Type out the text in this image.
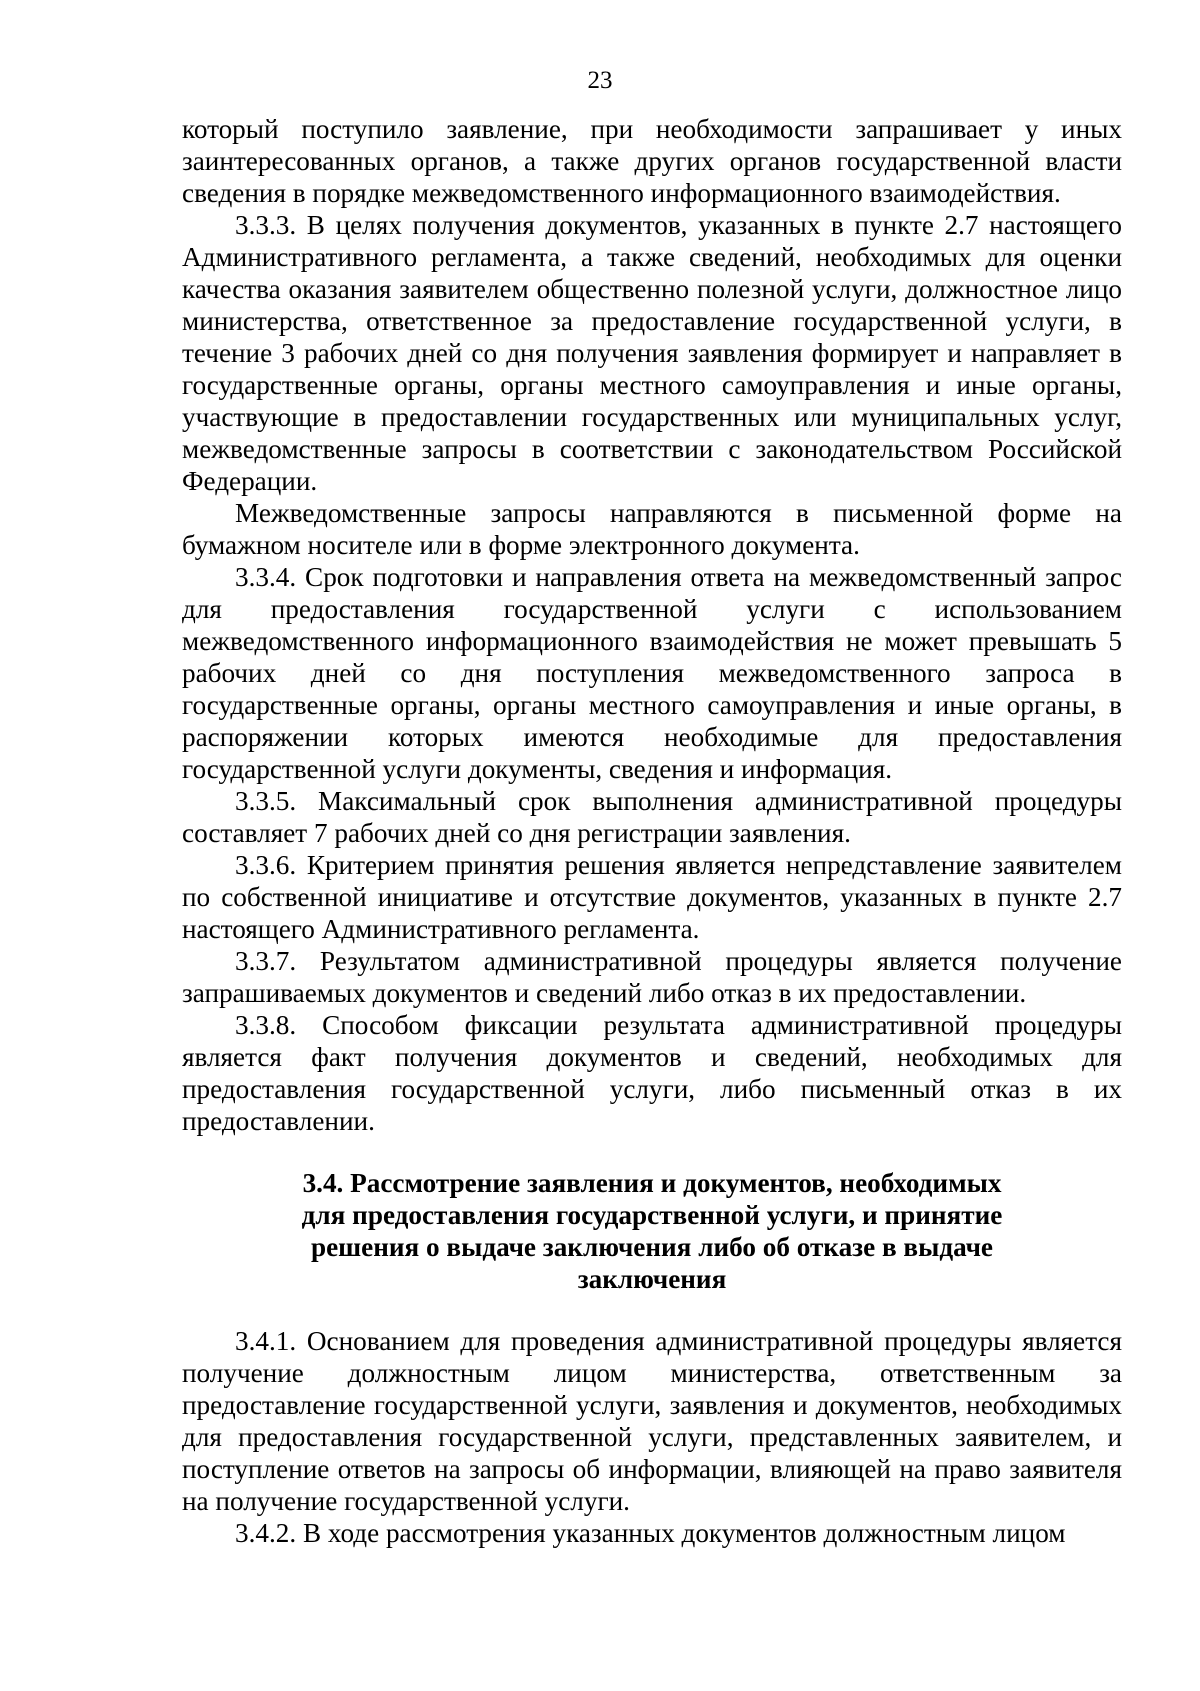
23

который поступило заявление, при необходимости запрашивает у иных заинтересованных органов, а также других органов государственной власти сведения в порядке межведомственного информационного взаимодействия.

3.3.3. В целях получения документов, указанных в пункте 2.7 настоящего Административного регламента, а также сведений, необходимых для оценки качества оказания заявителем общественно полезной услуги, должностное лицо министерства, ответственное за предоставление государственной услуги, в течение 3 рабочих дней со дня получения заявления формирует и направляет в государственные органы, органы местного самоуправления и иные органы, участвующие в предоставлении государственных или муниципальных услуг, межведомственные запросы в соответствии с законодательством Российской Федерации.

Межведомственные запросы направляются в письменной форме на бумажном носителе или в форме электронного документа.

3.3.4. Срок подготовки и направления ответа на межведомственный запрос для предоставления государственной услуги с использованием межведомственного информационного взаимодействия не может превышать 5 рабочих дней со дня поступления межведомственного запроса в государственные органы, органы местного самоуправления и иные органы, в распоряжении которых имеются необходимые для предоставления государственной услуги документы, сведения и информация.

3.3.5. Максимальный срок выполнения административной процедуры составляет 7 рабочих дней со дня регистрации заявления.

3.3.6. Критерием принятия решения является непредставление заявителем по собственной инициативе и отсутствие документов, указанных в пункте 2.7 настоящего Административного регламента.

3.3.7. Результатом административной процедуры является получение запрашиваемых документов и сведений либо отказ в их предоставлении.

3.3.8. Способом фиксации результата административной процедуры является факт получения документов и сведений, необходимых для предоставления государственной услуги, либо письменный отказ в их предоставлении.

3.4. Рассмотрение заявления и документов, необходимых
для предоставления государственной услуги, и принятие
решения о выдаче заключения либо об отказе в выдаче
заключения

3.4.1. Основанием для проведения административной процедуры является получение должностным лицом министерства, ответственным за предоставление государственной услуги, заявления и документов, необходимых для предоставления государственной услуги, представленных заявителем, и поступление ответов на запросы об информации, влияющей на право заявителя на получение государственной услуги.

3.4.2. В ходе рассмотрения указанных документов должностным лицом
